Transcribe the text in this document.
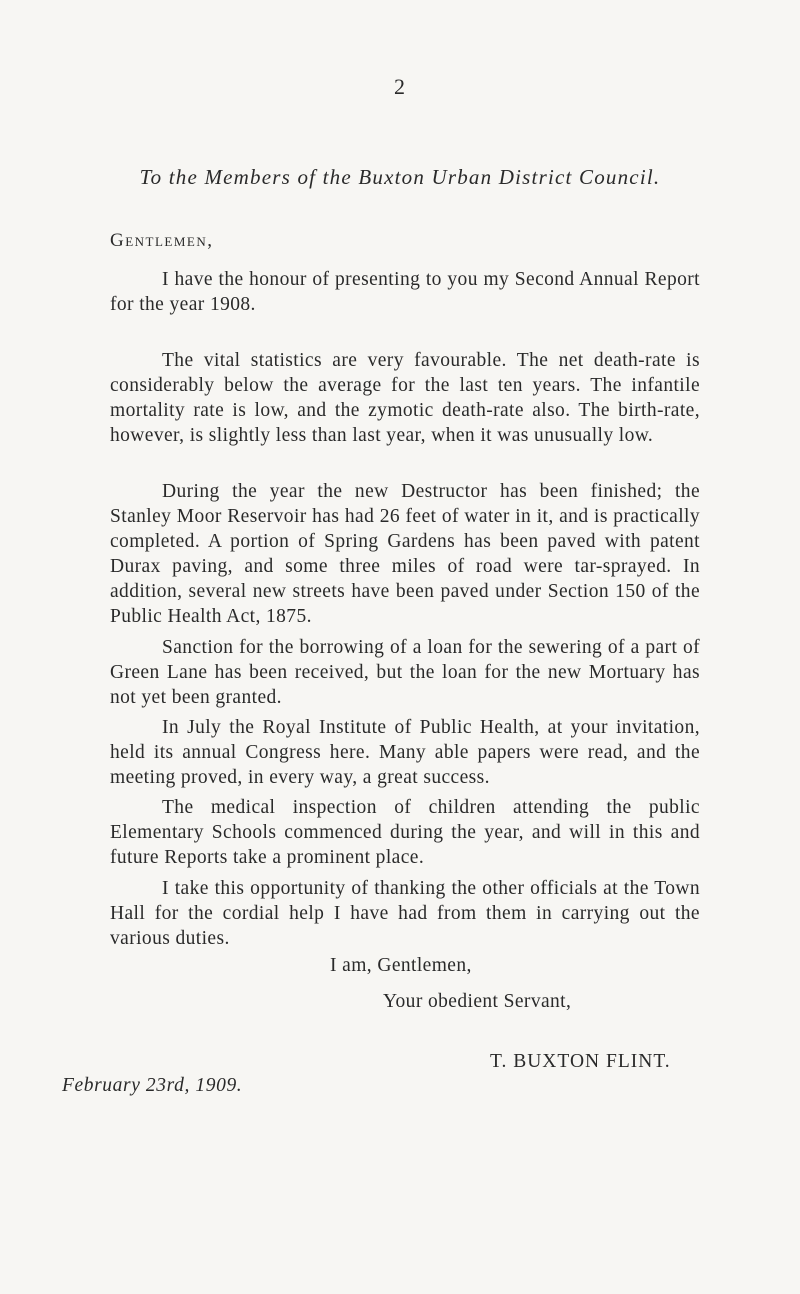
2
To the Members of the Buxton Urban District Council.
Gentlemen,

I have the honour of presenting to you my Second Annual Report for the year 1908.

The vital statistics are very favourable. The net death-rate is considerably below the average for the last ten years. The infantile mortality rate is low, and the zymotic death-rate also. The birth-rate, however, is slightly less than last year, when it was unusually low.

During the year the new Destructor has been finished; the Stanley Moor Reservoir has had 26 feet of water in it, and is practically completed. A portion of Spring Gardens has been paved with patent Durax paving, and some three miles of road were tar-sprayed. In addition, several new streets have been paved under Section 150 of the Public Health Act, 1875.

Sanction for the borrowing of a loan for the sewering of a part of Green Lane has been received, but the loan for the new Mortuary has not yet been granted.

In July the Royal Institute of Public Health, at your invitation, held its annual Congress here. Many able papers were read, and the meeting proved, in every way, a great success.

The medical inspection of children attending the public Elementary Schools commenced during the year, and will in this and future Reports take a prominent place.

I take this opportunity of thanking the other officials at the Town Hall for the cordial help I have had from them in carrying out the various duties.

I am, Gentlemen,
Your obedient Servant,
T. BUXTON FLINT.
February 23rd, 1909.
